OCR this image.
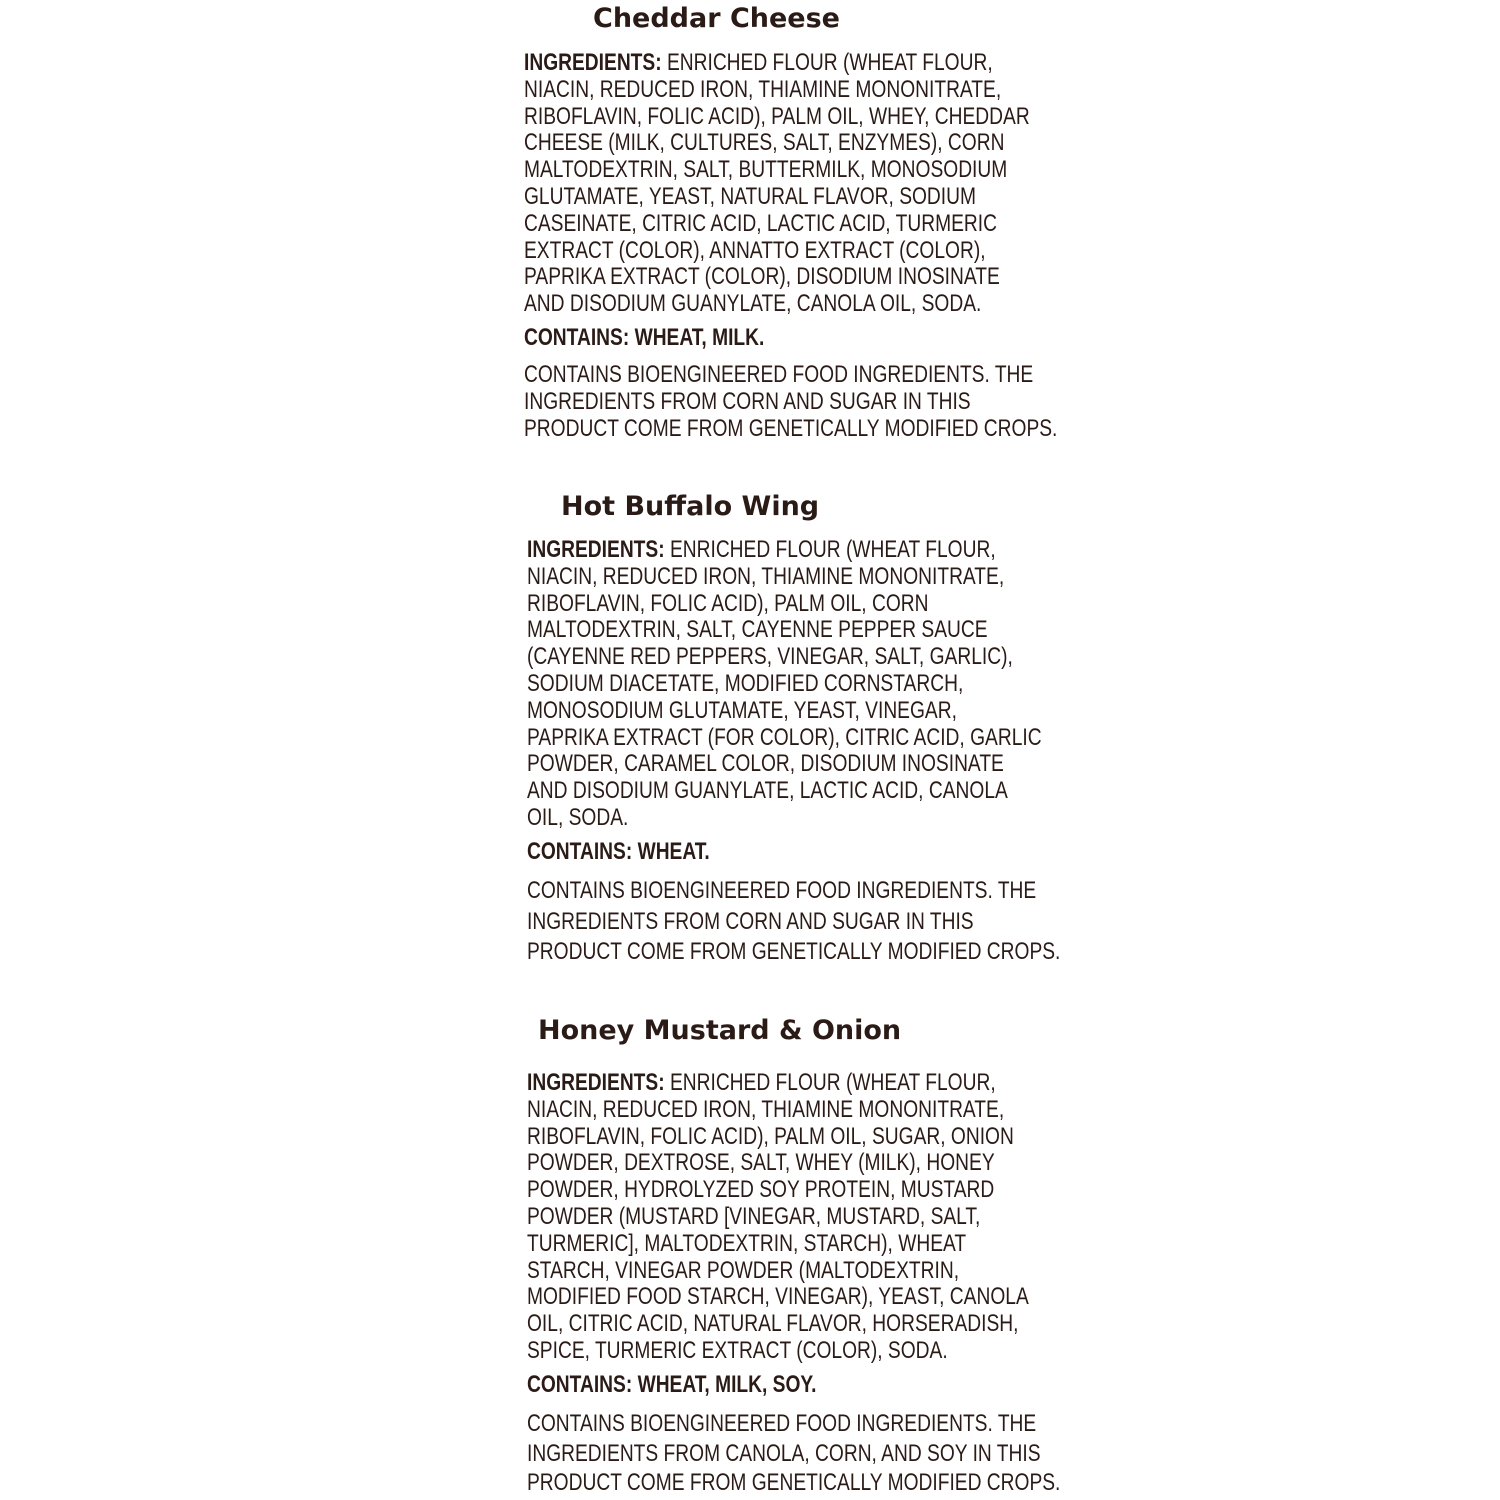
Cheddar Cheese
INGREDIENTS: ENRICHED FLOUR (WHEAT FLOUR,
NIACIN, REDUCED IRON, THIAMINE MONONITRATE,
RIBOFLAVIN, FOLIC ACID), PALM OIL, WHEY, CHEDDAR
CHEESE (MILK, CULTURES, SALT, ENZYMES), CORN
MALTODEXTRIN, SALT, BUTTERMILK, MONOSODIUM
GLUTAMATE, YEAST, NATURAL FLAVOR, SODIUM
CASEINATE, CITRIC ACID, LACTIC ACID, TURMERIC
EXTRACT (COLOR), ANNATTO EXTRACT (COLOR),
PAPRIKA EXTRACT (COLOR), DISODIUM INOSINATE
AND DISODIUM GUANYLATE, CANOLA OIL, SODA.

CONTAINS: WHEAT, MILK.

CONTAINS BIOENGINEERED FOOD INGREDIENTS. THE
INGREDIENTS FROM CORN AND SUGAR IN THIS
PRODUCT COME FROM GENETICALLY MODIFIED CROPS.
Hot Buffalo Wing
INGREDIENTS: ENRICHED FLOUR (WHEAT FLOUR,
NIACIN, REDUCED IRON, THIAMINE MONONITRATE,
RIBOFLAVIN, FOLIC ACID), PALM OIL, CORN
MALTODEXTRIN, SALT, CAYENNE PEPPER SAUCE
(CAYENNE RED PEPPERS, VINEGAR, SALT, GARLIC),
SODIUM DIACETATE, MODIFIED CORNSTARCH,
MONOSODIUM GLUTAMATE, YEAST, VINEGAR,
PAPRIKA EXTRACT (FOR COLOR), CITRIC ACID, GARLIC
POWDER, CARAMEL COLOR, DISODIUM INOSINATE
AND DISODIUM GUANYLATE, LACTIC ACID, CANOLA
OIL, SODA.

CONTAINS: WHEAT.

CONTAINS BIOENGINEERED FOOD INGREDIENTS. THE
INGREDIENTS FROM CORN AND SUGAR IN THIS
PRODUCT COME FROM GENETICALLY MODIFIED CROPS.
Honey Mustard & Onion
INGREDIENTS: ENRICHED FLOUR (WHEAT FLOUR,
NIACIN, REDUCED IRON, THIAMINE MONONITRATE,
RIBOFLAVIN, FOLIC ACID), PALM OIL, SUGAR, ONION
POWDER, DEXTROSE, SALT, WHEY (MILK), HONEY
POWDER, HYDROLYZED SOY PROTEIN, MUSTARD
POWDER (MUSTARD [VINEGAR, MUSTARD, SALT,
TURMERIC], MALTODEXTRIN, STARCH), WHEAT
STARCH, VINEGAR POWDER (MALTODEXTRIN,
MODIFIED FOOD STARCH, VINEGAR), YEAST, CANOLA
OIL, CITRIC ACID, NATURAL FLAVOR, HORSERADISH,
SPICE, TURMERIC EXTRACT (COLOR), SODA.

CONTAINS: WHEAT, MILK, SOY.

CONTAINS BIOENGINEERED FOOD INGREDIENTS. THE
INGREDIENTS FROM CANOLA, CORN, AND SOY IN THIS
PRODUCT COME FROM GENETICALLY MODIFIED CROPS.
